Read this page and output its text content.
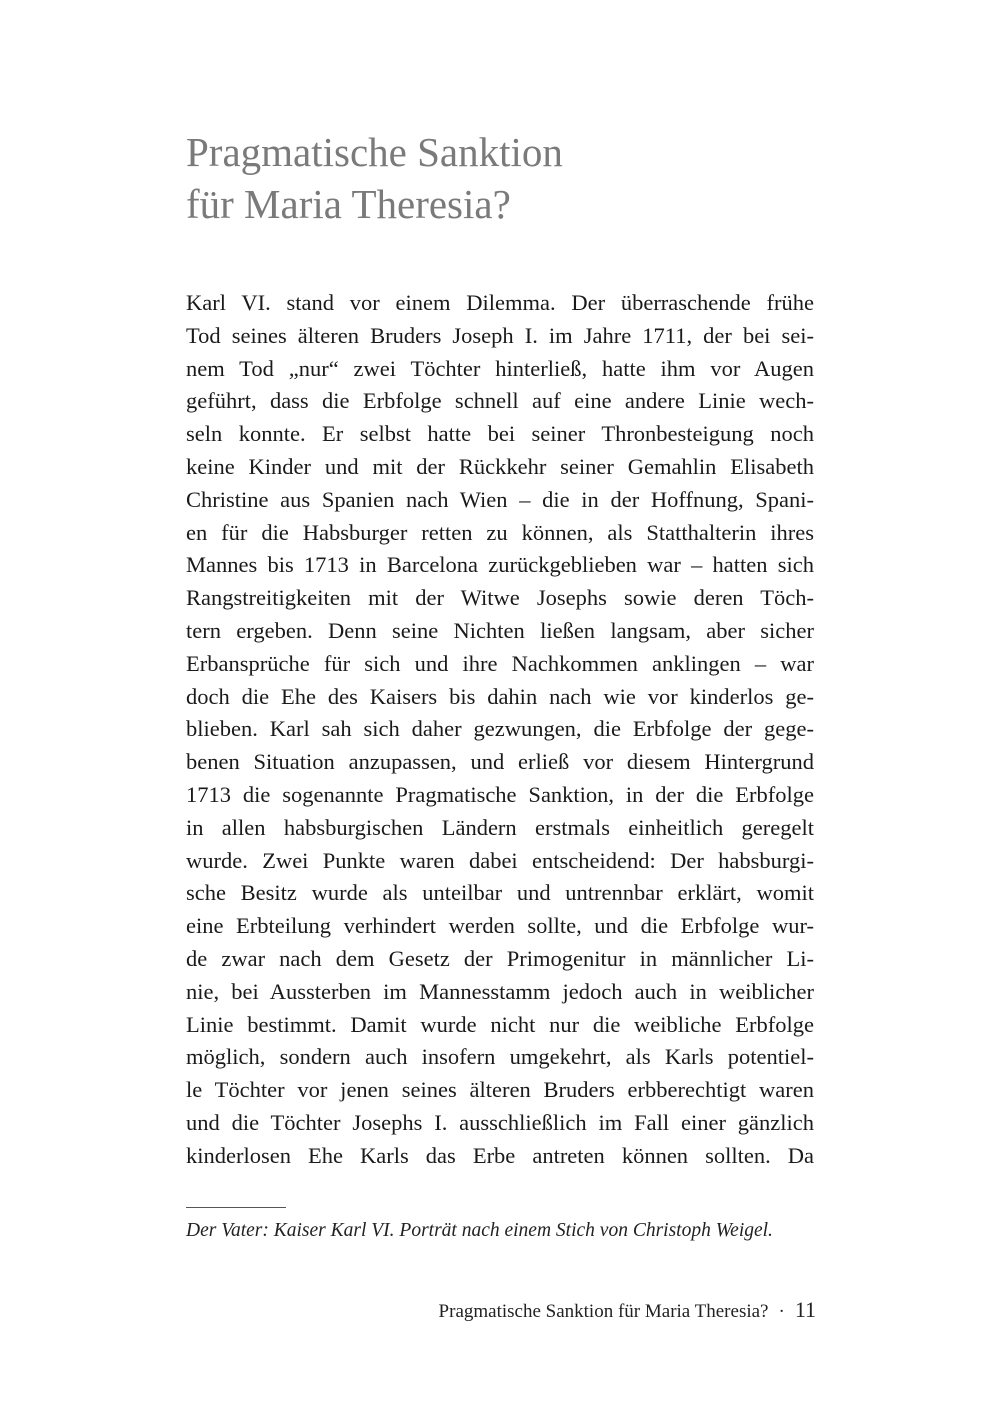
Pragmatische Sanktion
für Maria Theresia?
Karl VI. stand vor einem Dilemma. Der überraschende frühe
Tod seines älteren Bruders Joseph I. im Jahre 1711, der bei sei-
nem Tod „nur“ zwei Töchter hinterließ, hatte ihm vor Augen
geführt, dass die Erbfolge schnell auf eine andere Linie wech-
seln konnte. Er selbst hatte bei seiner Thronbesteigung noch
keine Kinder und mit der Rückkehr seiner Gemahlin Elisabeth
Christine aus Spanien nach Wien – die in der Hoffnung, Spani-
en für die Habsburger retten zu können, als Statthalterin ihres
Mannes bis 1713 in Barcelona zurückgeblieben war – hatten sich
Rangstreitigkeiten mit der Witwe Josephs sowie deren Töch-
tern ergeben. Denn seine Nichten ließen langsam, aber sicher
Erbansprüche für sich und ihre Nachkommen anklingen – war
doch die Ehe des Kaisers bis dahin nach wie vor kinderlos ge-
blieben. Karl sah sich daher gezwungen, die Erbfolge der gege-
benen Situation anzupassen, und erließ vor diesem Hintergrund
1713 die sogenannte Pragmatische Sanktion, in der die Erbfolge
in allen habsburgischen Ländern erstmals einheitlich geregelt
wurde. Zwei Punkte waren dabei entscheidend: Der habsburgi-
sche Besitz wurde als unteilbar und untrennbar erklärt, womit
eine Erbteilung verhindert werden sollte, und die Erbfolge wur-
de zwar nach dem Gesetz der Primogenitur in männlicher Li-
nie, bei Aussterben im Mannesstamm jedoch auch in weiblicher
Linie bestimmt. Damit wurde nicht nur die weibliche Erbfolge
möglich, sondern auch insofern umgekehrt, als Karls potentiel-
le Töchter vor jenen seines älteren Bruders erbberechtigt waren
und die Töchter Josephs I. ausschließlich im Fall einer gänzlich
kinderlosen Ehe Karls das Erbe antreten können sollten. Da
Der Vater: Kaiser Karl VI. Porträt nach einem Stich von Christoph Weigel.
Pragmatische Sanktion für Maria Theresia? · 11
